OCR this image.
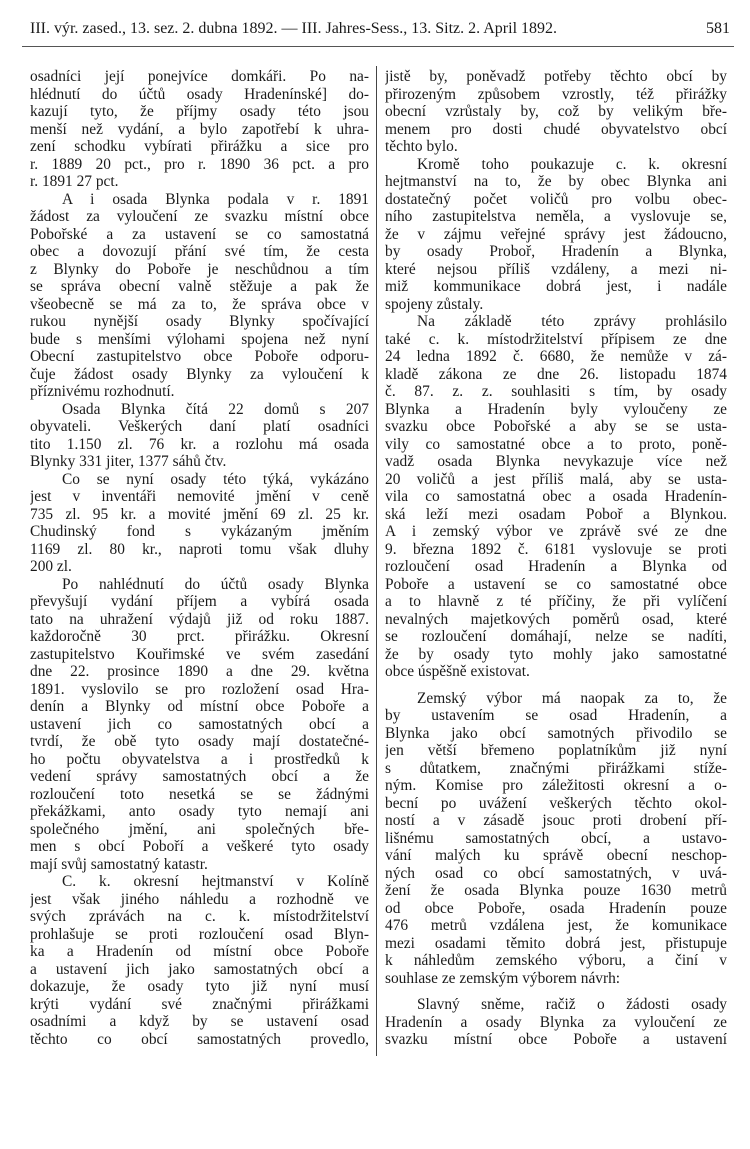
III. výr. zased., 13. sez. 2. dubna 1892. — III. Jahres-Sess., 13. Sitz. 2. April 1892.	581
osadníci její ponejvíce domkáři. Po na-
hlédnutí do účtů osady Hradenínské] do-
kazují tyto, že příjmy osady této jsou
menší než vydání, a bylo zapotřebí k uhra-
zení schodku vybírati přirážku a sice pro
r. 1889 20 pct., pro r. 1890 36 pct. a pro
r. 1891 27 pct.
A i osada Blynka podala v r. 1891
žádost za vyloučení ze svazku místní obce
Pobořské a za ustavení se co samostatná
obec a dovozují přání své tím, že cesta
z Blynky do Poboře je neschůdnou a tím
se správa obecní valně stěžuje a pak že
všeobecně se má za to, že správa obce v
rukou nynější osady Blynky spočívající
bude s menšími výlohami spojena než nyní
Obecní zastupitelstvo obce Poboře odporu-
čuje žádost osady Blynky za vyloučení k
příznivému rozhodnutí.
Osada Blynka čítá 22 domů s 207
obyvateli. Veškerých daní platí osadníci
tito 1.150 zl. 76 kr. a rozlohu má osada
Blynky 331 jiter, 1377 sáhů čtv.
Co se nyní osady této týká, vykázáno
jest v inventáři nemovité jmění v ceně
735 zl. 95 kr. a movité jmění 69 zl. 25 kr.
Chudinský fond s vykázaným jměním
1169 zl. 80 kr., naproti tomu však dluhy
200 zl.
Po nahlédnutí do účtů osady Blynka
převyšují vydání příjem a vybírá osada
tato na uhražení výdajů již od roku 1887.
každoročně 30 prct. přirážku. Okresní
zastupitelstvo Kouřimské ve svém zasedání
dne 22. prosince 1890 a dne 29. května
1891. vyslovilo se pro rozložení osad Hra-
denín a Blynky od místní obce Poboře a
ustavení jich co samostatných obcí a
tvrdí, že obě tyto osady mají dostatečné-
ho počtu obyvatelstva a i prostředků k
vedení správy samostatných obcí a že
rozloučení toto nesetká se se žádnými
překážkami, anto osady tyto nemají ani
společného jmění, ani společných bře-
men s obcí Poboří a veškeré tyto osady
mají svůj samostatný katastr.
C. k. okresní hejtmanství v Kolíně
jest však jiného náhledu a rozhodně ve
svých zprávách na c. k. místodržitelství
prohlašuje se proti rozloučení osad Blyn-
ka a Hradenín od místní obce Poboře
a ustavení jich jako samostatných obcí a
dokazuje, že osady tyto již nyní musí
krýti vydání své značnými přirážkami
osadními a když by se ustavení osad
těchto co obcí samostatných provedlo,
jistě by, poněvadž potřeby těchto obcí by
přirozeným způsobem vzrostly, též přirážky
obecní vzrůstaly by, což by velikým bře-
menem pro dosti chudé obyvatelstvo obcí
těchto bylo.
Kromě toho poukazuje c. k. okresní
hejtmanství na to, že by obec Blynka ani
dostatečný počet voličů pro volbu obec-
ního zastupitelstva neměla, a vyslovuje se,
že v zájmu veřejné správy jest žádoucno,
by osady Proboř, Hradenín a Blynka,
které nejsou příliš vzdáleny, a mezi ni-
miž kommunikace dobrá jest, i nadále
spojeny zůstaly.
Na základě této zprávy prohlásilo
také c. k. místodržitelství přípisem ze dne
24 ledna 1892 č. 6680, že nemůže v zá-
kladě zákona ze dne 26. listopadu 1874
č. 87. z. z. souhlasiti s tím, by osady
Blynka a Hradenín byly vyloučeny ze
svazku obce Pobořské a aby se se usta-
vily co samostatné obce a to proto, poně-
vadž osada Blynka nevykazuje více než
20 voličů a jest příliš malá, aby se usta-
vila co samostatná obec a osada Hradenín-
ská leží mezi osadam Poboř a Blynkou.
A i zemský výbor ve zprávě své ze dne
9. března 1892 č. 6181 vyslovuje se proti
rozloučení osad Hradenín a Blynka od
Poboře a ustavení se co samostatné obce
a to hlavně z té příčiny, že při vylíčení
nevalných majetkových poměrů osad, které
se rozloučení domáhají, nelze se nadíti,
že by osady tyto mohly jako samostatné
obce úspěšně existovat.
Zemský výbor má naopak za to, že
by ustavením se osad Hradenín, a
Blynka jako obcí samotných přivodilo se
jen větší břemeno poplatníkům již nyní
s důtatkem, značnými přirážkami stíže-
ným. Komise pro záležitosti okresní a o-
becní po uvážení veškerých těchto okol-
ností a v zásadě jsouc proti drobení pří-
lišnému samostatných obcí, a ustavo-
vání malých ku správě obecní neschop-
ných osad co obcí samostatných, v uvá-
žení že osada Blynka pouze 1630 metrů
od obce Poboře, osada Hradenín pouze
476 metrů vzdálena jest, že komunikace
mezi osadami těmito dobrá jest, přistupuje
k náhledům zemského výboru, a činí v
souhlase ze zemským výborem návrh:
Slavný sněme, račiž o žádosti osady
Hradenín a osady Blynka za vyloučení ze
svazku místní obce Poboře a ustavení
